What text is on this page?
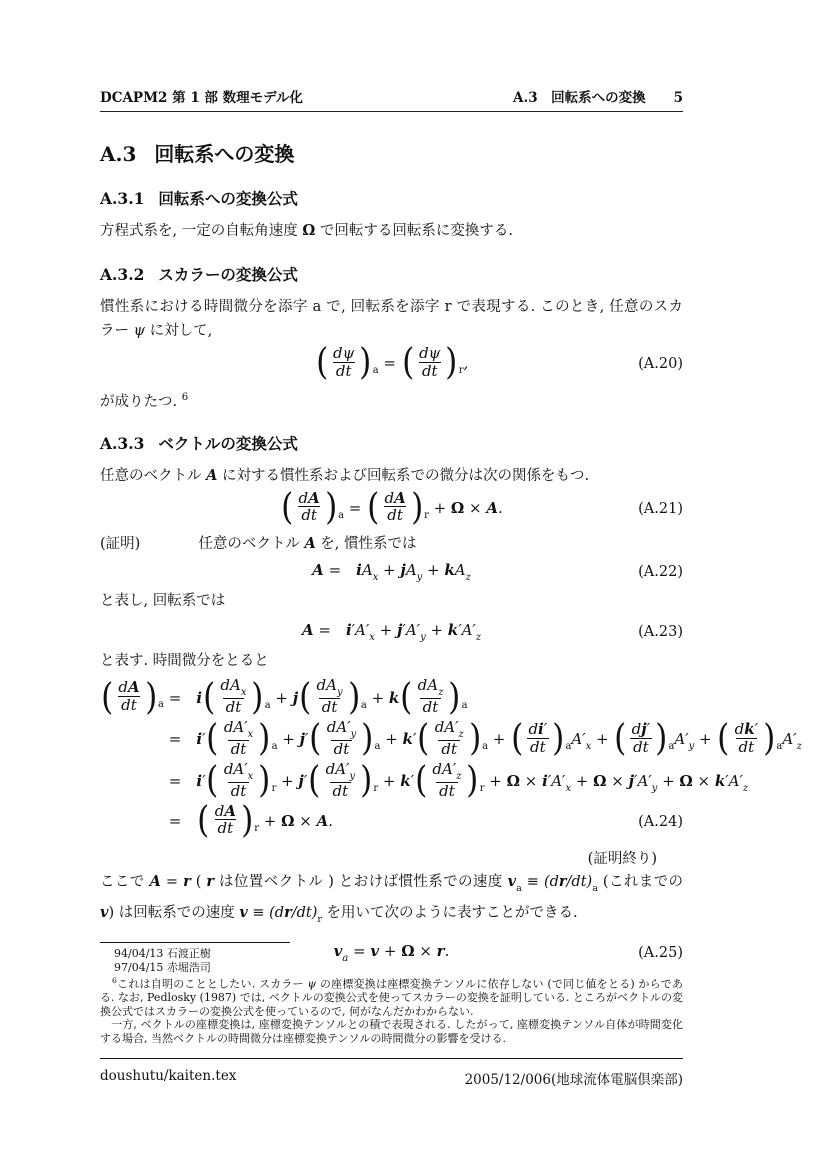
DCAPM2 第 1 部 数理モデル化	A.3　回転系への変換 5
A.3 回転系への変換
A.3.1 回転系への変換公式

方程式系を, 一定の自転角速度 Ω で回転する回転系に変換する.

A.3.2 スカラーの変換公式

慣性系における時間微分を添字 a で, 回転系を添字 r で表現する. このとき, 任意のスカラー ψ に対して,

( $\frac{d\psi}{dt} )_a$ = ( $\frac{d\psi}{dt} )_r$,	(A.20)

が成りたつ. $^6$

A.3.3 ベクトルの変換公式

任意のベクトル A に対する慣性系および回転系での微分は次の関係をもつ.

( $\frac{dA}{dt} )_a$ = ( $\frac{dA}{dt} )_r + \Omega \times A$.	(A.21)
(証明)	任意のベクトル A を, 慣性系では
A =  $iA_x + jA_y + kA_z$	(A.22)

と表し, 回転系では

A =  $i'A'_x + j'A'_y + k'A'_z$	(A.23)

と表す. 時間微分をとると

( $\frac{dA}{dt} )_a$ =  $i( \frac{dA_x}{dt} )_a + j( \frac{dA_y}{dt} )_a + k( \frac{dA_z}{dt} )_a$
=  $i'( \frac{dA'_x}{dt} )_a + j'( \frac{dA'_y}{dt} )_a + k'( \frac{dA'_z}{dt} )_a$ + ( $\frac{di'}{dt} )_aA'_x$ + ( $\frac{dj'}{dt} )_aA'_y$ + ( $\frac{dk'}{dt} )_aA'_z$
=  $i'( \frac{dA'_x}{dt} )_r + j'( \frac{dA'_y}{dt} )_r + k'( \frac{dA'_z}{dt} )_r + \Omega \times i'A'_x + \Omega \times j'A'_y + \Omega \times k'A'_z$
=  ( $\frac{dA}{dt} )_r + \Omega \times A$.	(A.24)
(証明終り)

ここで A = r ( r は位置ベクトル ) とおけば慣性系での速度 $v_a \equiv (dr/dt)_a$ (これまでの v) は回転系での速度 $v \equiv (dr/dt)_r$ を用いて次のように表すことができる.

$v_a = v + \Omega \times r$.	(A.25)
94/04/13 石渡正樹
97/04/15 赤堀浩司

$^6$これは自明のこととしたい. スカラー ψ の座標変換は座標変換テンソルに依存しない (で同じ値をとる) からである. なお, Pedlosky (1987) では, ベクトルの変換公式を使ってスカラーの変換を証明している. ところがベクトルの変換公式ではスカラーの変換公式を使っているので, 何がなんだかわからない.

　一方, ベクトルの座標変換は, 座標変換テンソルとの積で表現される. したがって, 座標変換テンソル自体が時間変化する場合, 当然ベクトルの時間微分は座標変換テンソルの時間微分の影響を受ける.

doushutu/kaiten.tex	2005/12/006(地球流体電脳倶楽部)
